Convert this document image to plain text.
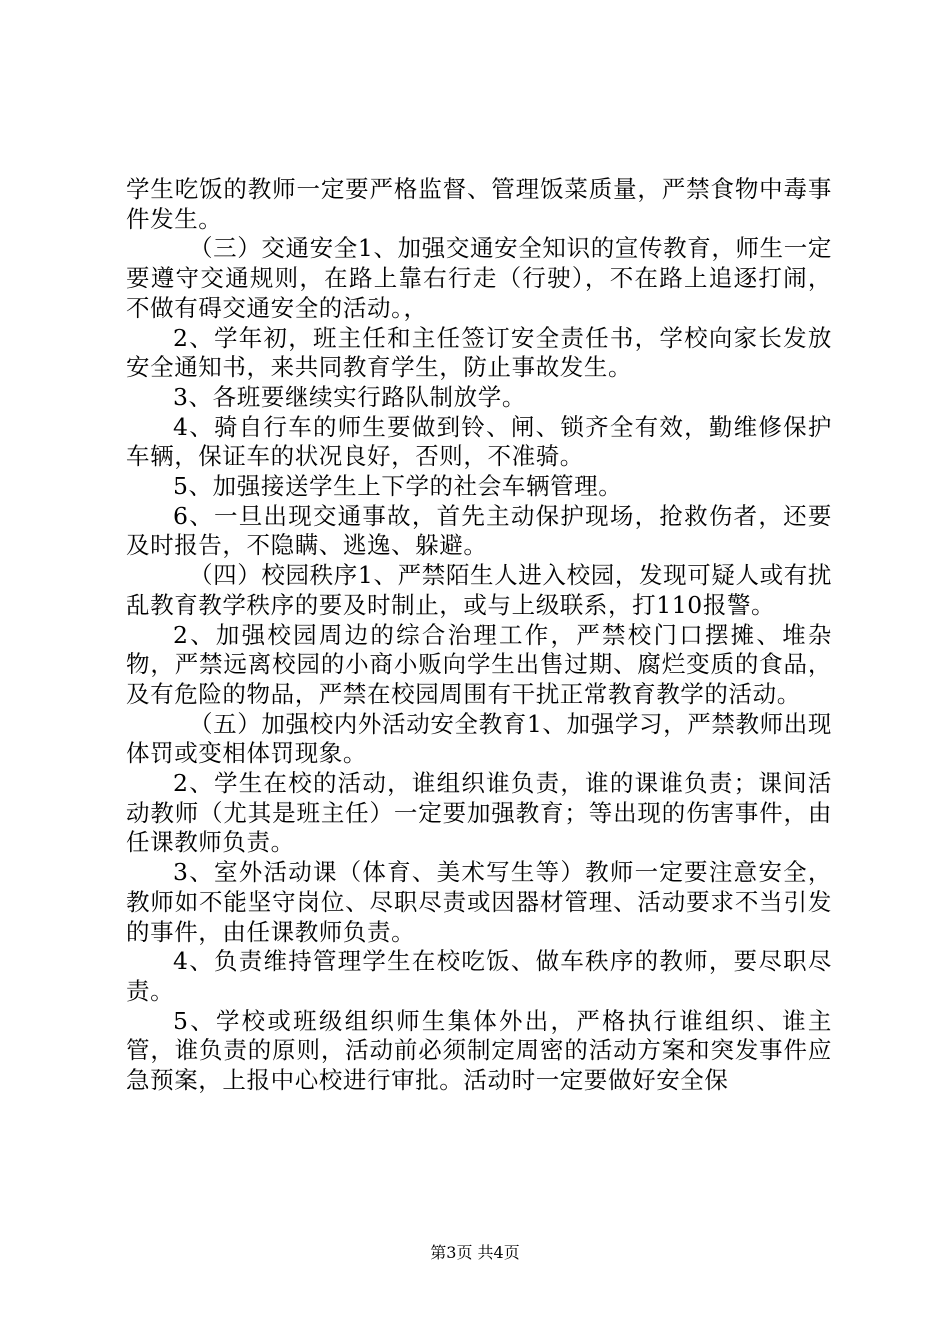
学生吃饭的教师一定要严格监督、管理饭菜质量，严禁食物中毒事件发生。

（三）交通安全1、加强交通安全知识的宣传教育，师生一定要遵守交通规则，在路上靠右行走（行驶），不在路上追逐打闹，不做有碍交通安全的活动。，

2、学年初，班主任和主任签订安全责任书，学校向家长发放安全通知书，来共同教育学生，防止事故发生。

3、各班要继续实行路队制放学。

4、骑自行车的师生要做到铃、闸、锁齐全有效，勤维修保护车辆，保证车的状况良好，否则，不准骑。

5、加强接送学生上下学的社会车辆管理。

6、一旦出现交通事故，首先主动保护现场，抢救伤者，还要及时报告，不隐瞒、逃逸、躲避。

（四）校园秩序1、严禁陌生人进入校园，发现可疑人或有扰乱教育教学秩序的要及时制止，或与上级联系，打110报警。

2、加强校园周边的综合治理工作，严禁校门口摆摊、堆杂物，严禁远离校园的小商小贩向学生出售过期、腐烂变质的食品，及有危险的物品，严禁在校园周围有干扰正常教育教学的活动。

（五）加强校内外活动安全教育1、加强学习，严禁教师出现体罚或变相体罚现象。

2、学生在校的活动，谁组织谁负责，谁的课谁负责；课间活动教师（尤其是班主任）一定要加强教育；等出现的伤害事件，由任课教师负责。

3、室外活动课（体育、美术写生等）教师一定要注意安全，教师如不能坚守岗位、尽职尽责或因器材管理、活动要求不当引发的事件，由任课教师负责。

4、负责维持管理学生在校吃饭、做车秩序的教师，要尽职尽责。

5、学校或班级组织师生集体外出，严格执行谁组织、谁主管，谁负责的原则，活动前必须制定周密的活动方案和突发事件应急预案，上报中心校进行审批。活动时一定要做好安全保

第3页 共4页
